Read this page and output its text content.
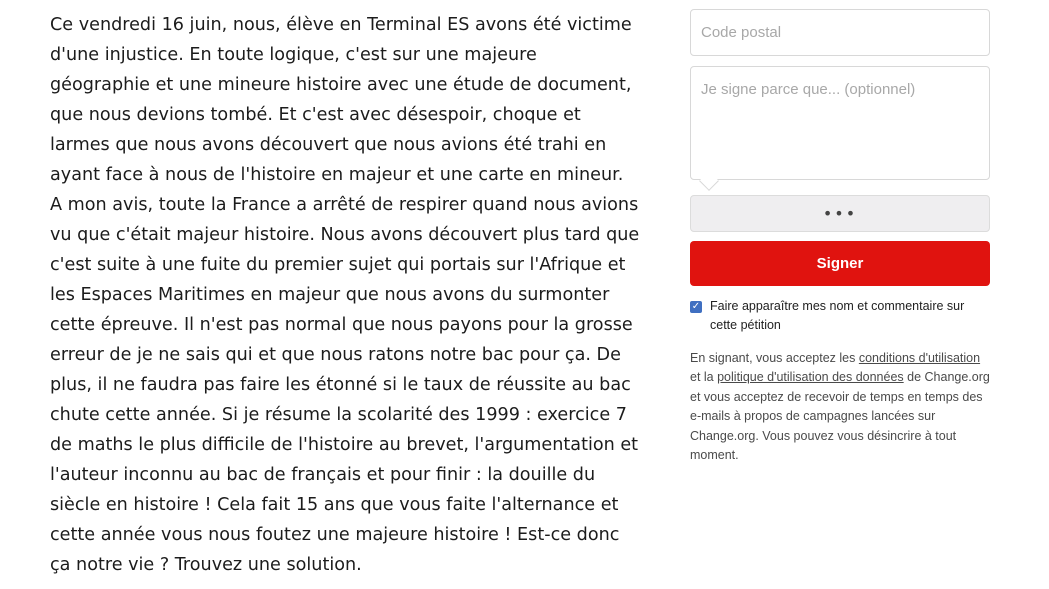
Ce vendredi 16 juin, nous, élève en Terminal ES avons été victime d'une injustice. En toute logique, c'est sur une majeure géographie et une mineure histoire avec une étude de document, que nous devions tombé. Et c'est avec désespoir, choque et larmes que nous avons découvert que nous avions été trahi en ayant face à nous de l'histoire en majeur et une carte en mineur. A mon avis, toute la France a arrêté de respirer quand nous avions vu que c'était majeur histoire. Nous avons découvert plus tard que c'est suite à une fuite du premier sujet qui portais sur l'Afrique et les Espaces Maritimes en majeur que nous avons du surmonter cette épreuve. Il n'est pas normal que nous payons pour la grosse erreur de je ne sais qui et que nous ratons notre bac pour ça. De plus, il ne faudra pas faire les étonné si le taux de réussite au bac chute cette année. Si je résume la scolarité des 1999 : exercice 7 de maths le plus difficile de l'histoire au brevet, l'argumentation et l'auteur inconnu au bac de français et pour finir : la douille du siècle en histoire ! Cela fait 15 ans que vous faite l'alternance et cette année vous nous foutez une majeure histoire ! Est-ce donc ça notre vie ? Trouvez une solution.

Code postal
Je signe parce que... (optionnel)
•••
Signer
✓ Faire apparaître mes nom et commentaire sur cette pétition
En signant, vous acceptez les conditions d'utilisation et la politique d'utilisation des données de Change.org et vous acceptez de recevoir de temps en temps des e-mails à propos de campagnes lancées sur Change.org. Vous pouvez vous désincrire à tout moment.
